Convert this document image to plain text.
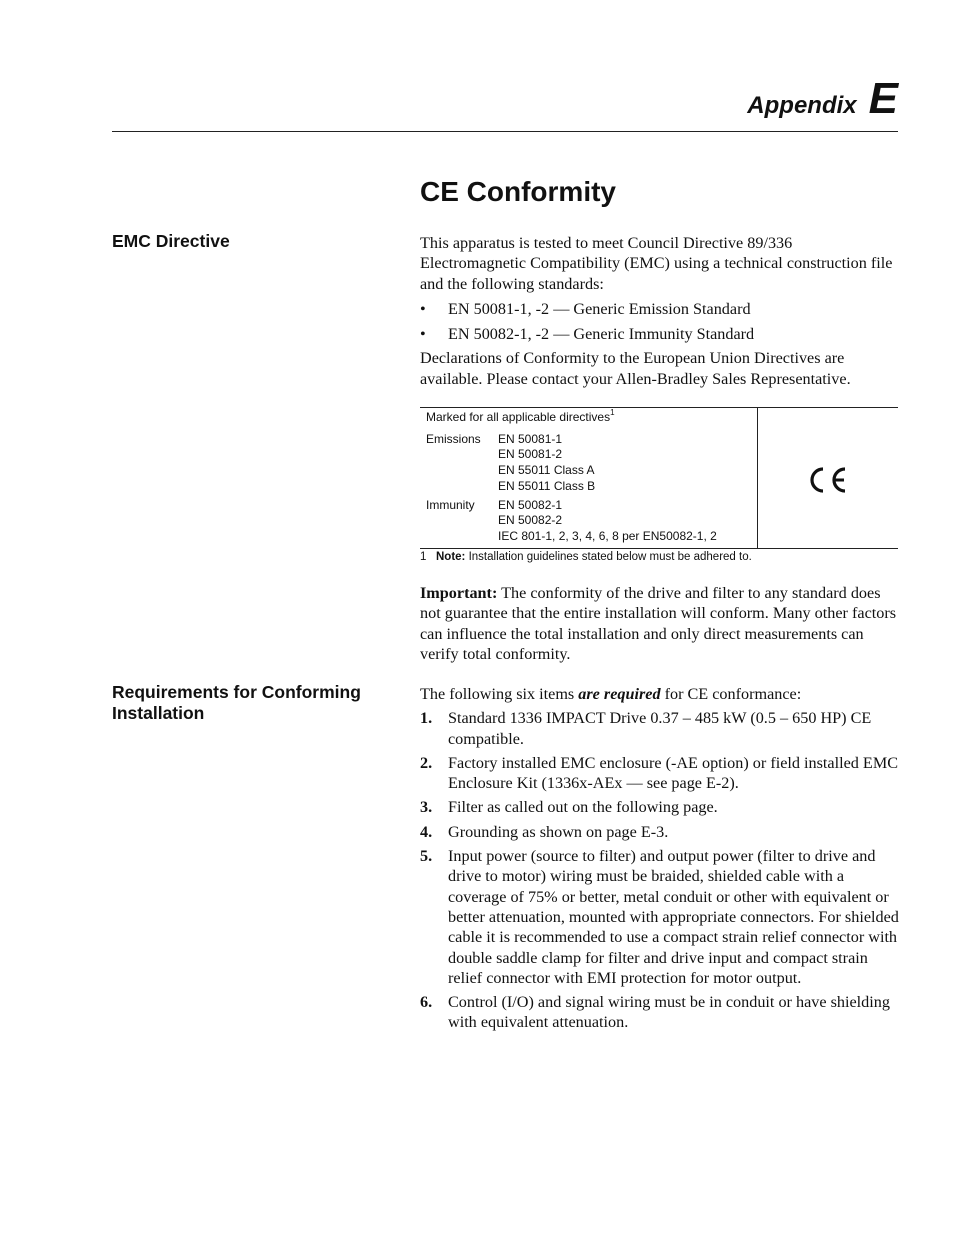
Appendix E
CE Conformity
EMC Directive	This apparatus is tested to meet Council Directive 89/336 Electromagnetic Compatibility (EMC) using a technical construction file and the following standards:

• EN 50081-1, -2 — Generic Emission Standard
• EN 50082-1, -2 — Generic Immunity Standard

Declarations of Conformity to the European Union Directives are available. Please contact your Allen-Bradley Sales Representative.

Marked for all applicable directives$^1$
Emissions	EN 50081-1
EN 50081-2
EN 55011 Class A
EN 55011 Class B
Immunity	EN 50082-1
EN 50082-2
IEC 801-1, 2, 3, 4, 6, 8 per EN50082-1, 2
1 Note: Installation guidelines stated below must be adhered to.

Important: The conformity of the drive and filter to any standard does not guarantee that the entire installation will conform. Many other factors can influence the total installation and only direct measurements can verify total conformity.

Requirements for Conforming Installation

The following six items are required for CE conformance:

1. Standard 1336 IMPACT Drive 0.37 – 485 kW (0.5 – 650 HP) CE compatible.
2. Factory installed EMC enclosure (-AE option) or field installed EMC Enclosure Kit (1336x-AEx — see page E-2).
3. Filter as called out on the following page.
4. Grounding as shown on page E-3.
5. Input power (source to filter) and output power (filter to drive and drive to motor) wiring must be braided, shielded cable with a coverage of 75% or better, metal conduit or other with equivalent or better attenuation, mounted with appropriate connectors. For shielded cable it is recommended to use a compact strain relief connector with double saddle clamp for filter and drive input and compact strain relief connector with EMI protection for motor output.
6. Control (I/O) and signal wiring must be in conduit or have shielding with equivalent attenuation.
